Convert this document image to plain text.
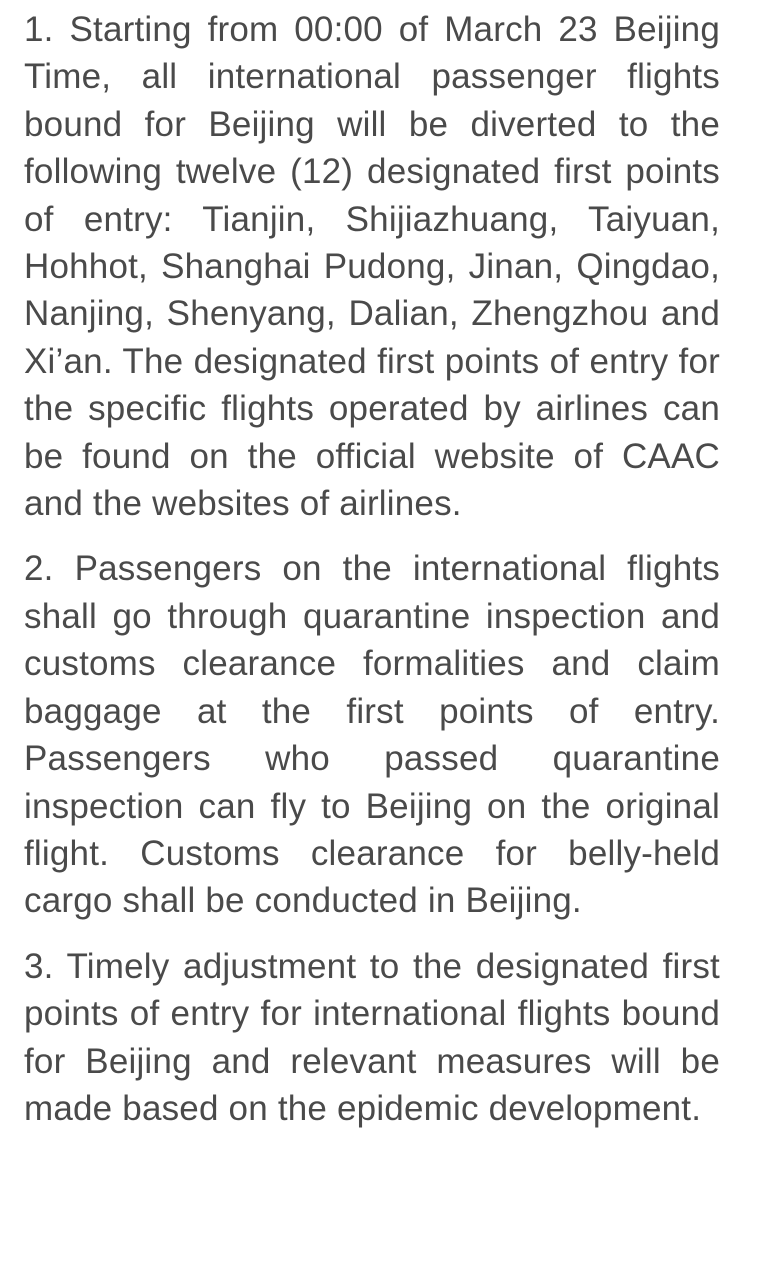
1. Starting from 00:00 of March 23 Beijing Time, all international passenger flights bound for Beijing will be diverted to the following twelve (12) designated first points of entry: Tianjin, Shijiazhuang, Taiyuan, Hohhot, Shanghai Pudong, Jinan, Qingdao, Nanjing, Shenyang, Dalian, Zhengzhou and Xi’an. The designated first points of entry for the specific flights operated by airlines can be found on the official website of CAAC and the websites of airlines.

2. Passengers on the international flights shall go through quarantine inspection and customs clearance formalities and claim baggage at the first points of entry. Passengers who passed quarantine inspection can fly to Beijing on the original flight. Customs clearance for belly-held cargo shall be conducted in Beijing.

3. Timely adjustment to the designated first points of entry for international flights bound for Beijing and relevant measures will be made based on the epidemic development.
